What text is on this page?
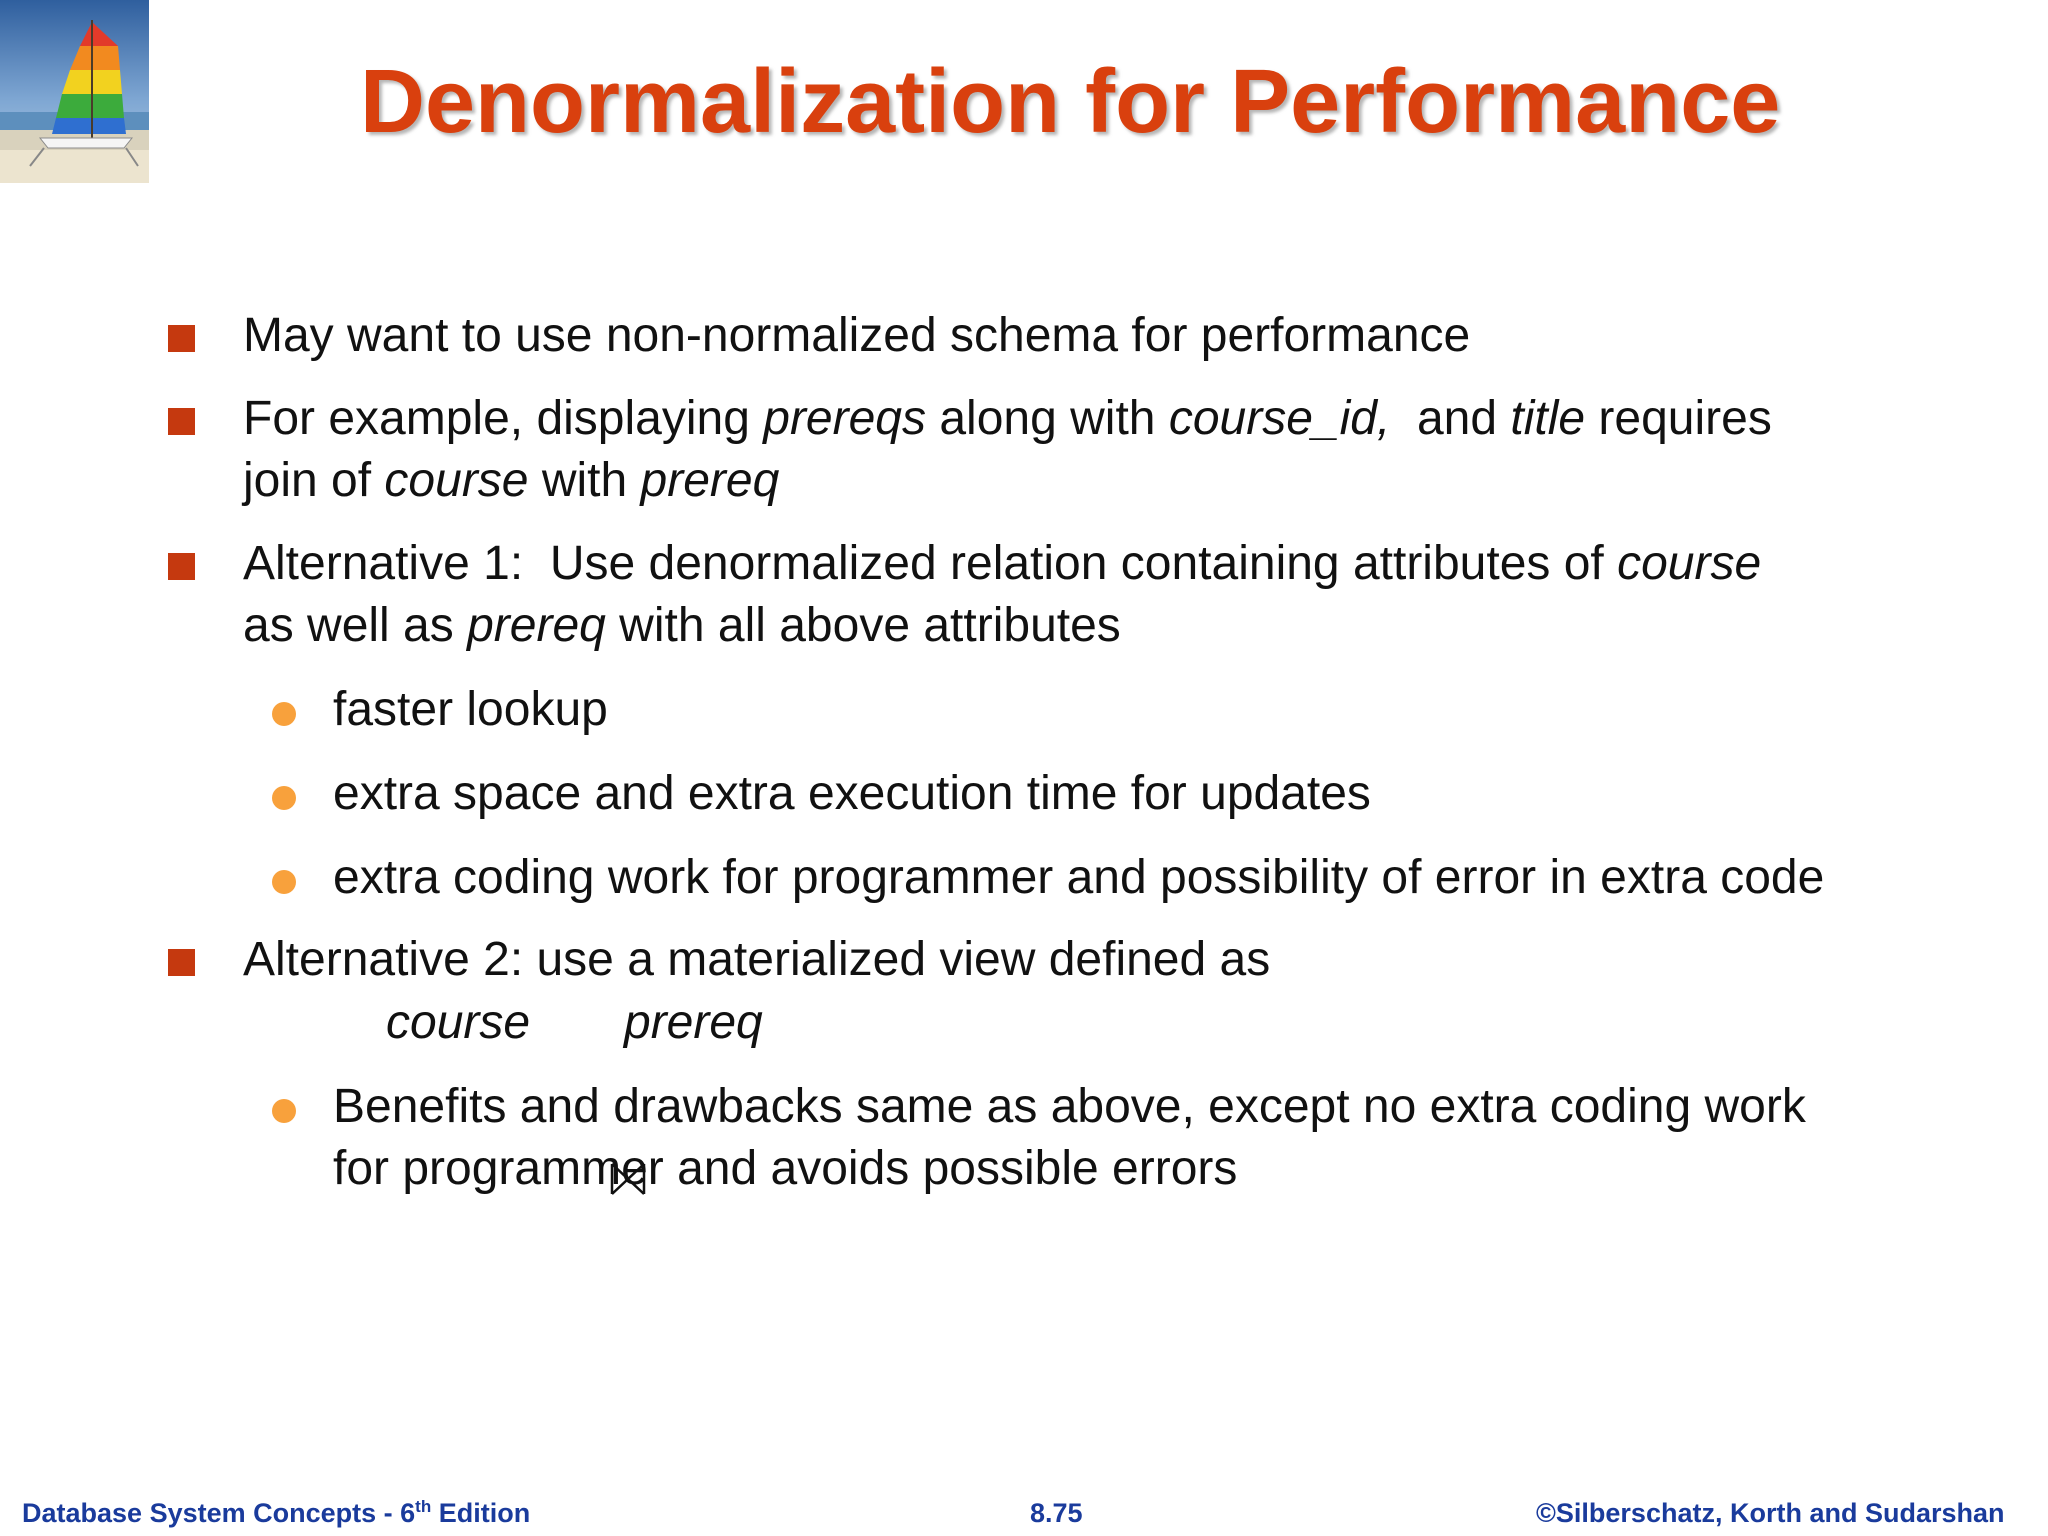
Denormalization for Performance
May want to use non-normalized schema for performance
For example, displaying prereqs along with course_id,  and title requires
join of course with prereq
Alternative 1:  Use denormalized relation containing attributes of course
as well as prereq with all above attributes
faster lookup
extra space and extra execution time for updates
extra coding work for programmer and possibility of error in extra code
Alternative 2: use a materialized view defined as
course prereq
Benefits and drawbacks same as above, except no extra coding work
for programmer and avoids possible errors
Database System Concepts - 6th Edition	8.75	©Silberschatz, Korth and Sudarshan
